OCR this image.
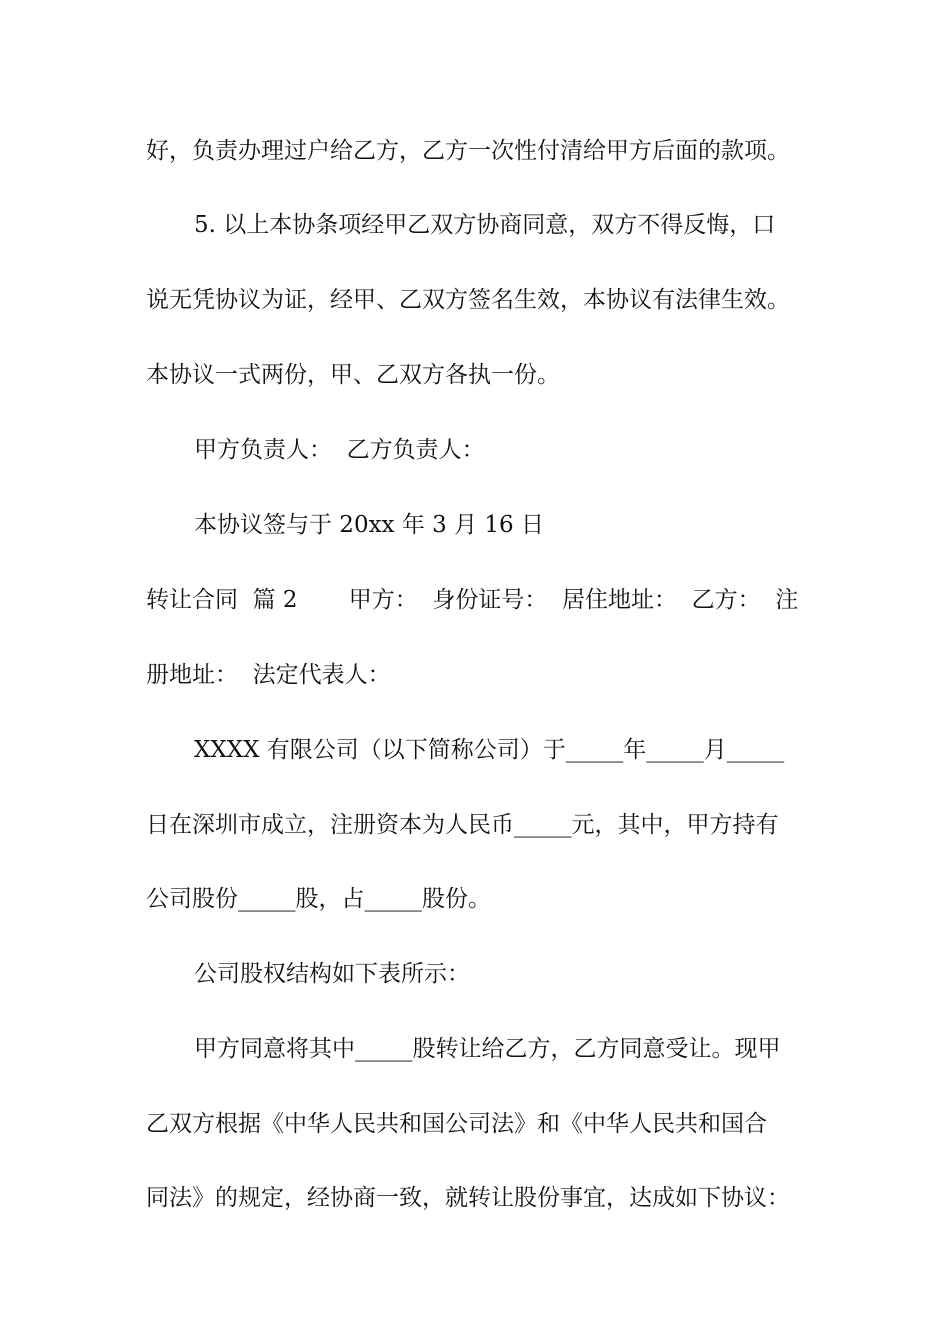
好，负责办理过户给乙方，乙方一次性付清给甲方后面的款项。
5. 以上本协条项经甲乙双方协商同意，双方不得反悔，口
说无凭协议为证，经甲、乙双方签名生效，本协议有法律生效。
本协议一式两份，甲、乙双方各执一份。
甲方负责人：  乙方负责人：
本协议签与于 20xx 年 3 月 16 日
转让合同  篇 2       甲方：  身份证号：  居住地址：  乙方：  注
册地址：  法定代表人：
XXXX 有限公司（以下简称公司）于_____年_____月_____
日在深圳市成立，注册资本为人民币_____元，其中，甲方持有
公司股份_____股，占_____股份。
公司股权结构如下表所示：
甲方同意将其中_____股转让给乙方，乙方同意受让。现甲
乙双方根据《中华人民共和国公司法》和《中华人民共和国合
同法》的规定，经协商一致，就转让股份事宜，达成如下协议：
